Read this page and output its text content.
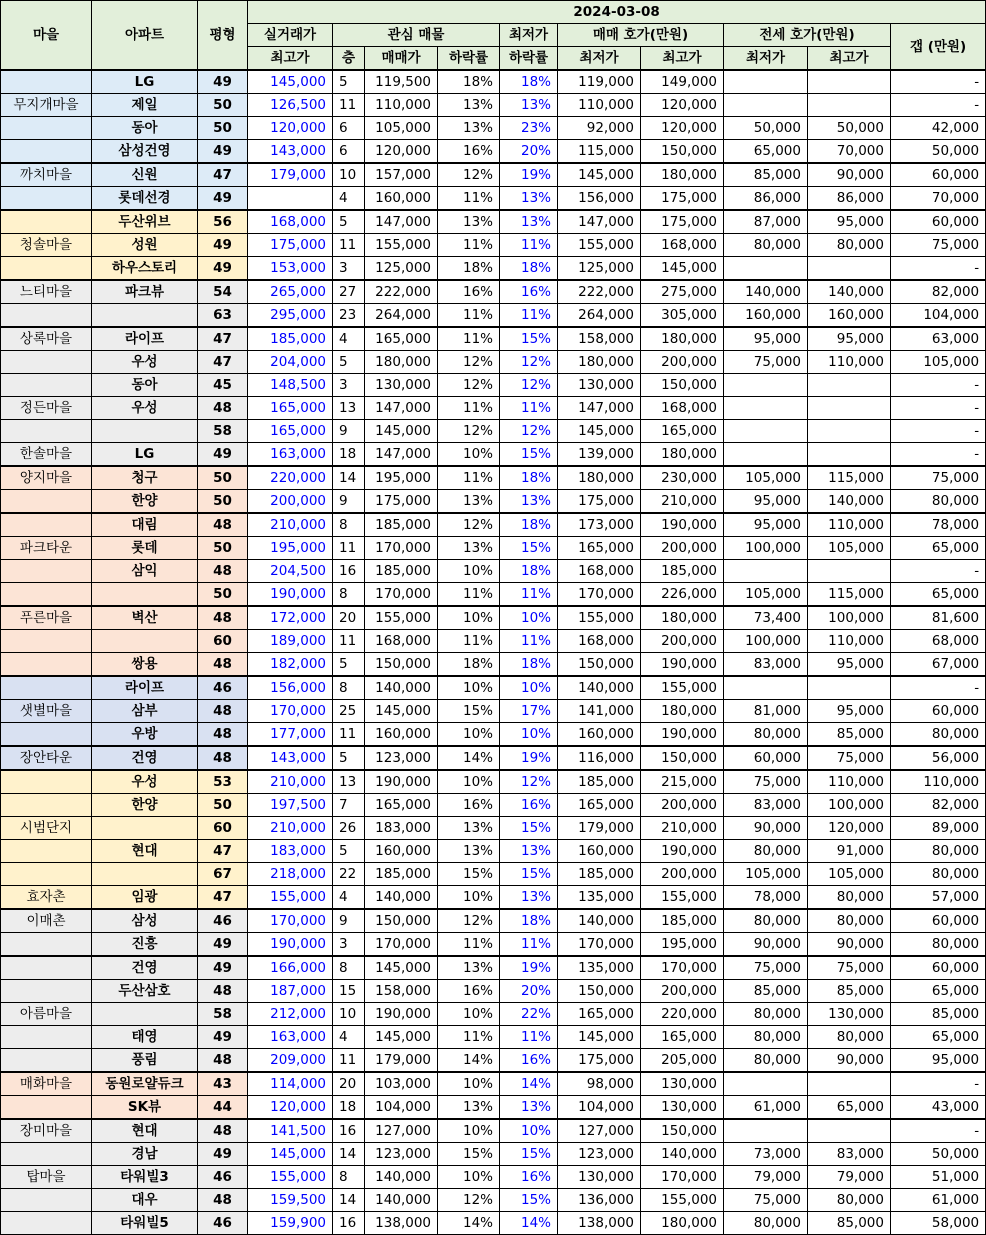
마을	아파트	평형	2024-03-08									
			실거래가	관심 매물			최저가	매매 호가(만원)		전세 호가(만원)		갭 (만원)
			최고가	층	매매가	하락률	하락률	최저가	최고가	최저가	최고가	
	LG	49	145,000	5	119,500	18%	18%	119,000	149,000			-
무지개마을	제일	50	126,500	11	110,000	13%	13%	110,000	120,000			-
	동아	50	120,000	6	105,000	13%	23%	92,000	120,000	50,000	50,000	42,000
	삼성건영	49	143,000	6	120,000	16%	20%	115,000	150,000	65,000	70,000	50,000
까치마을	신원	47	179,000	10	157,000	12%	19%	145,000	180,000	85,000	90,000	60,000
	롯데선경	49		4	160,000	11%	13%	156,000	175,000	86,000	86,000	70,000
	두산위브	56	168,000	5	147,000	13%	13%	147,000	175,000	87,000	95,000	60,000
청솔마을	성원	49	175,000	11	155,000	11%	11%	155,000	168,000	80,000	80,000	75,000
	하우스토리	49	153,000	3	125,000	18%	18%	125,000	145,000			-
느티마을	파크뷰	54	265,000	27	222,000	16%	16%	222,000	275,000	140,000	140,000	82,000
		63	295,000	23	264,000	11%	11%	264,000	305,000	160,000	160,000	104,000
상록마을	라이프	47	185,000	4	165,000	11%	15%	158,000	180,000	95,000	95,000	63,000
	우성	47	204,000	5	180,000	12%	12%	180,000	200,000	75,000	110,000	105,000
	동아	45	148,500	3	130,000	12%	12%	130,000	150,000			-
정든마을	우성	48	165,000	13	147,000	11%	11%	147,000	168,000			-
		58	165,000	9	145,000	12%	12%	145,000	165,000			-
한솔마을	LG	49	163,000	18	147,000	10%	15%	139,000	180,000			-
양지마을	청구	50	220,000	14	195,000	11%	18%	180,000	230,000	105,000	115,000	75,000
	한양	50	200,000	9	175,000	13%	13%	175,000	210,000	95,000	140,000	80,000
	대림	48	210,000	8	185,000	12%	18%	173,000	190,000	95,000	110,000	78,000
파크타운	롯데	50	195,000	11	170,000	13%	15%	165,000	200,000	100,000	105,000	65,000
	삼익	48	204,500	16	185,000	10%	18%	168,000	185,000			-
		50	190,000	8	170,000	11%	11%	170,000	226,000	105,000	115,000	65,000
푸른마을	벽산	48	172,000	20	155,000	10%	10%	155,000	180,000	73,400	100,000	81,600
		60	189,000	11	168,000	11%	11%	168,000	200,000	100,000	110,000	68,000
	쌍용	48	182,000	5	150,000	18%	18%	150,000	190,000	83,000	95,000	67,000
	라이프	46	156,000	8	140,000	10%	10%	140,000	155,000			-
샛별마을	삼부	48	170,000	25	145,000	15%	17%	141,000	180,000	81,000	95,000	60,000
	우방	48	177,000	11	160,000	10%	10%	160,000	190,000	80,000	85,000	80,000
장안타운	건영	48	143,000	5	123,000	14%	19%	116,000	150,000	60,000	75,000	56,000
	우성	53	210,000	13	190,000	10%	12%	185,000	215,000	75,000	110,000	110,000
	한양	50	197,500	7	165,000	16%	16%	165,000	200,000	83,000	100,000	82,000
시범단지		60	210,000	26	183,000	13%	15%	179,000	210,000	90,000	120,000	89,000
	현대	47	183,000	5	160,000	13%	13%	160,000	190,000	80,000	91,000	80,000
		67	218,000	22	185,000	15%	15%	185,000	200,000	105,000	105,000	80,000
효자촌	임광	47	155,000	4	140,000	10%	13%	135,000	155,000	78,000	80,000	57,000
이매촌	삼성	46	170,000	9	150,000	12%	18%	140,000	185,000	80,000	80,000	60,000
	진흥	49	190,000	3	170,000	11%	11%	170,000	195,000	90,000	90,000	80,000
	건영	49	166,000	8	145,000	13%	19%	135,000	170,000	75,000	75,000	60,000
	두산삼호	48	187,000	15	158,000	16%	20%	150,000	200,000	85,000	85,000	65,000
아름마을		58	212,000	10	190,000	10%	22%	165,000	220,000	80,000	130,000	85,000
	태영	49	163,000	4	145,000	11%	11%	145,000	165,000	80,000	80,000	65,000
	풍림	48	209,000	11	179,000	14%	16%	175,000	205,000	80,000	90,000	95,000
매화마을	동원로얄듀크	43	114,000	20	103,000	10%	14%	98,000	130,000			-
	SK뷰	44	120,000	18	104,000	13%	13%	104,000	130,000	61,000	65,000	43,000
장미마을	현대	48	141,500	16	127,000	10%	10%	127,000	150,000			-
	경남	49	145,000	14	123,000	15%	15%	123,000	140,000	73,000	83,000	50,000
탑마을	타워빌3	46	155,000	8	140,000	10%	16%	130,000	170,000	79,000	79,000	51,000
	대우	48	159,500	14	140,000	12%	15%	136,000	155,000	75,000	80,000	61,000
	타워빌5	46	159,900	16	138,000	14%	14%	138,000	180,000	80,000	85,000	58,000
